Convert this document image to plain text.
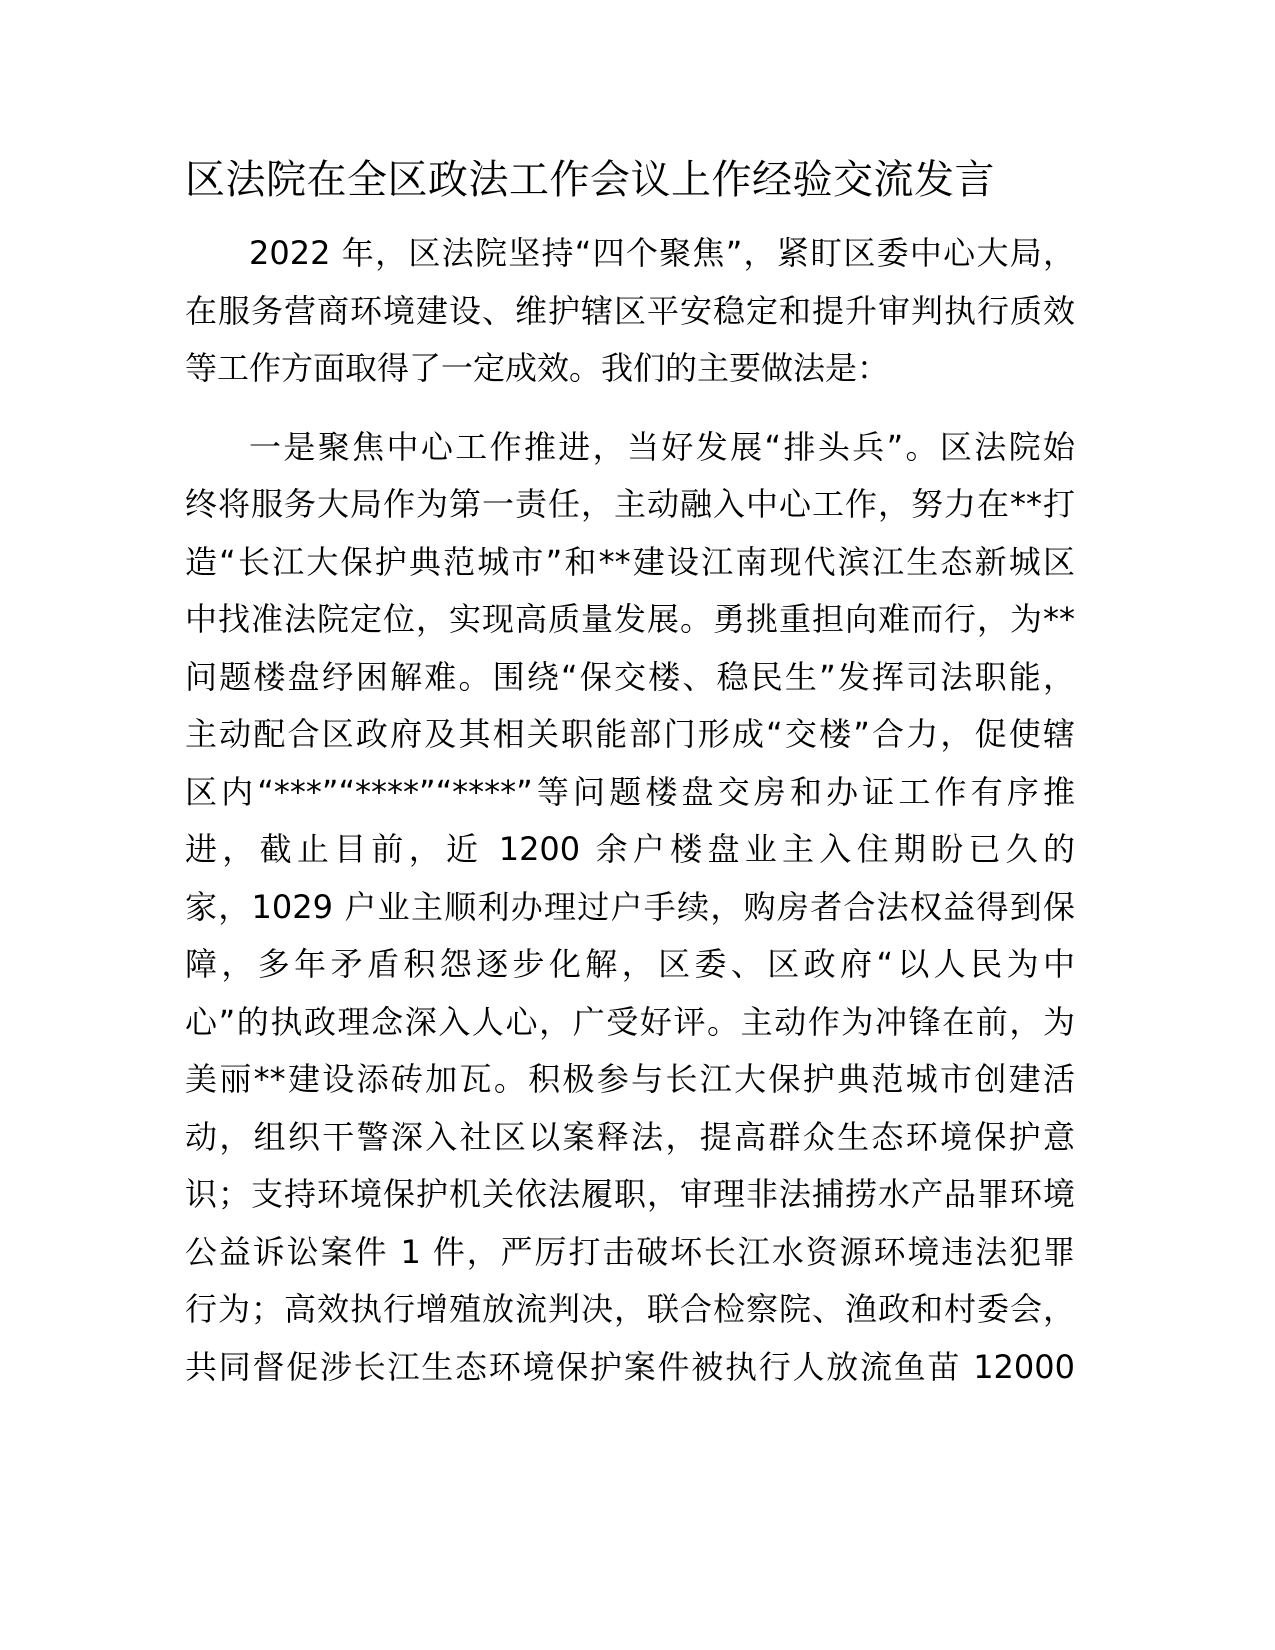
区法院在全区政法工作会议上作经验交流发言

2022 年，区法院坚持“四个聚焦”，紧盯区委中心大局，
在服务营商环境建设、维护辖区平安稳定和提升审判执行质效
等工作方面取得了一定成效。我们的主要做法是：

一是聚焦中心工作推进，当好发展“排头兵”。区法院始
终将服务大局作为第一责任，主动融入中心工作，努力在**打
造“长江大保护典范城市”和**建设江南现代滨江生态新城区
中找准法院定位，实现高质量发展。勇挑重担向难而行，为**
问题楼盘纾困解难。围绕“保交楼、稳民生”发挥司法职能，
主动配合区政府及其相关职能部门形成“交楼”合力，促使辖
区内“***”“****”“****”等问题楼盘交房和办证工作有序推
进，截止目前，近 1200 余户楼盘业主入住期盼已久的
家，1029 户业主顺利办理过户手续，购房者合法权益得到保
障，多年矛盾积怨逐步化解，区委、区政府“以人民为中
心”的执政理念深入人心，广受好评。主动作为冲锋在前，为
美丽**建设添砖加瓦。积极参与长江大保护典范城市创建活
动，组织干警深入社区以案释法，提高群众生态环境保护意
识；支持环境保护机关依法履职，审理非法捕捞水产品罪环境
公益诉讼案件 1 件，严厉打击破坏长江水资源环境违法犯罪
行为；高效执行增殖放流判决，联合检察院、渔政和村委会，
共同督促涉长江生态环境保护案件被执行人放流鱼苗 12000
